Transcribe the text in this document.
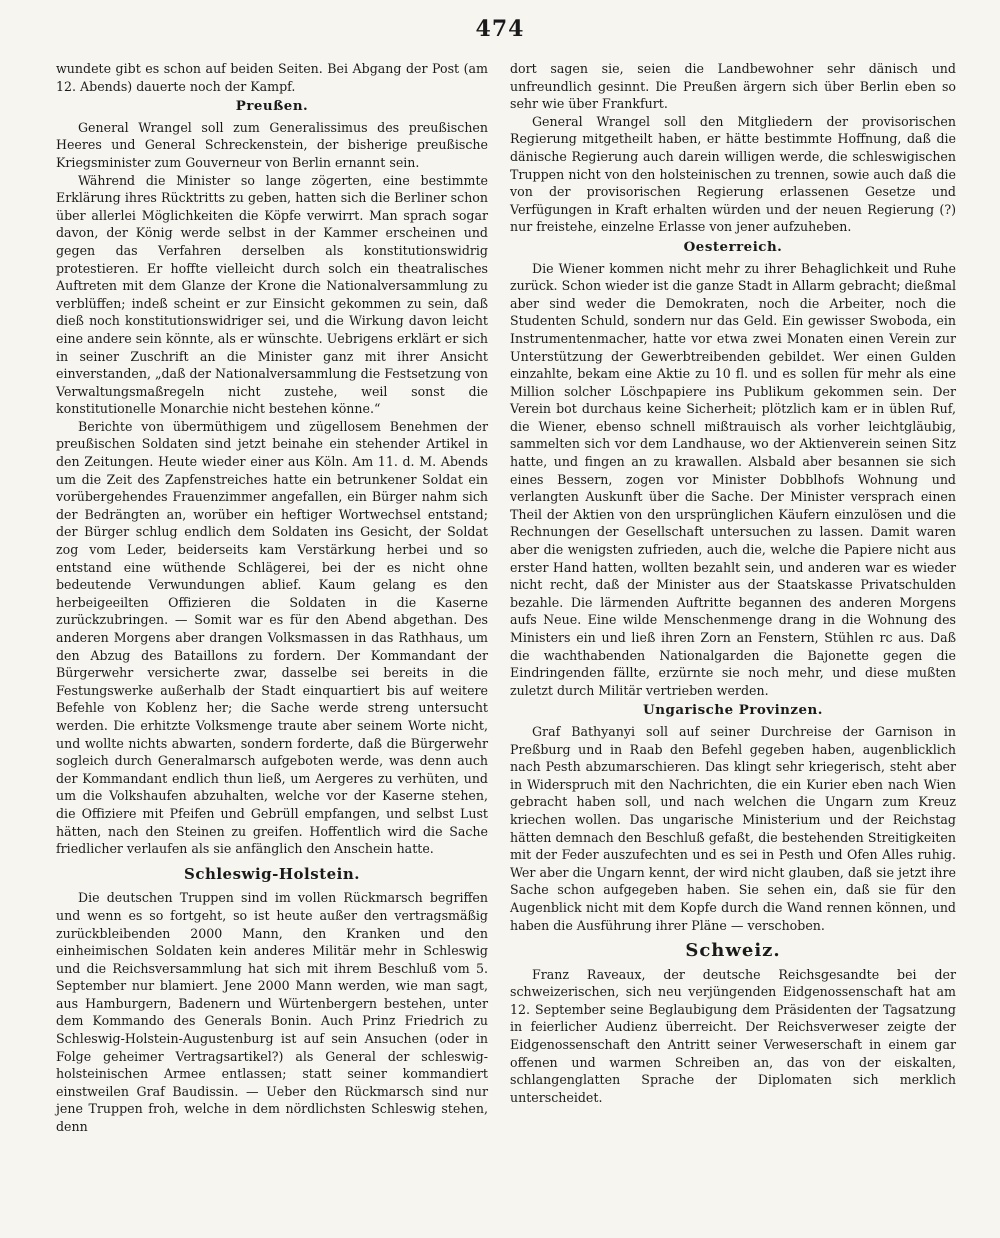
474

wundete gibt es schon auf beiden Seiten. Bei Abgang der Post (am 12. Abends) dauerte noch der Kampf.

Preußen.

General Wrangel soll zum Generalissimus des preußischen Heeres und General Schreckenstein, der bisherige preußische Kriegsminister zum Gouverneur von Berlin ernannt sein.

Während die Minister so lange zögerten, eine bestimmte Erklärung ihres Rücktritts zu geben, hatten sich die Berliner schon über allerlei Möglichkeiten die Köpfe verwirrt. Man sprach sogar davon, der König werde selbst in der Kammer erscheinen und gegen das Verfahren derselben als konstitutionswidrig protestieren. Er hoffte vielleicht durch solch ein theatralisches Auftreten mit dem Glanze der Krone die Nationalversammlung zu verblüffen; indeß scheint er zur Einsicht gekommen zu sein, daß dieß noch konstitutionswidriger sei, und die Wirkung davon leicht eine andere sein könnte, als er wünschte. Uebrigens erklärt er sich in seiner Zuschrift an die Minister ganz mit ihrer Ansicht einverstanden, „daß der Nationalversammlung die Festsetzung von Verwaltungsmaßregeln nicht zustehe, weil sonst die konstitutionelle Monarchie nicht bestehen könne.“

Berichte von übermüthigem und zügellosem Benehmen der preußischen Soldaten sind jetzt beinahe ein stehender Artikel in den Zeitungen. Heute wieder einer aus Köln. Am 11. d. M. Abends um die Zeit des Zapfenstreiches hatte ein betrunkener Soldat ein vorübergehendes Frauenzimmer angefallen, ein Bürger nahm sich der Bedrängten an, worüber ein heftiger Wortwechsel entstand; der Bürger schlug endlich dem Soldaten ins Gesicht, der Soldat zog vom Leder, beiderseits kam Verstärkung herbei und so entstand eine wüthende Schlägerei, bei der es nicht ohne bedeutende Verwundungen ablief. Kaum gelang es den herbeigeeilten Offizieren die Soldaten in die Kaserne zurückzubringen. — Somit war es für den Abend abgethan. Des anderen Morgens aber drangen Volksmassen in das Rathhaus, um den Abzug des Bataillons zu fordern. Der Kommandant der Bürgerwehr versicherte zwar, dasselbe sei bereits in die Festungswerke außerhalb der Stadt einquartiert bis auf weitere Befehle von Koblenz her; die Sache werde streng untersucht werden. Die erhitzte Volksmenge traute aber seinem Worte nicht, und wollte nichts abwarten, sondern forderte, daß die Bürgerwehr sogleich durch Generalmarsch aufgeboten werde, was denn auch der Kommandant endlich thun ließ, um Aergeres zu verhüten, und um die Volkshaufen abzuhalten, welche vor der Kaserne stehen, die Offiziere mit Pfeifen und Gebrüll empfangen, und selbst Lust hätten, nach den Steinen zu greifen. Hoffentlich wird die Sache friedlicher verlaufen als sie anfänglich den Anschein hatte.

Schleswig-Holstein.

Die deutschen Truppen sind im vollen Rückmarsch begriffen und wenn es so fortgeht, so ist heute außer den vertragsmäßig zurückbleibenden 2000 Mann, den Kranken und den einheimischen Soldaten kein anderes Militär mehr in Schleswig und die Reichsversammlung hat sich mit ihrem Beschluß vom 5. September nur blamiert. Jene 2000 Mann werden, wie man sagt, aus Hamburgern, Badenern und Würtenbergern bestehen, unter dem Kommando des Generals Bonin. Auch Prinz Friedrich zu Schleswig-Holstein-Augustenburg ist auf sein Ansuchen (oder in Folge geheimer Vertragsartikel?) als General der schleswig-holsteinischen Armee entlassen; statt seiner kommandiert einstweilen Graf Baudissin. — Ueber den Rückmarsch sind nur jene Truppen froh, welche in dem nördlichsten Schleswig stehen, denn

dort sagen sie, seien die Landbewohner sehr dänisch und unfreundlich gesinnt. Die Preußen ärgern sich über Berlin eben so sehr wie über Frankfurt.

General Wrangel soll den Mitgliedern der provisorischen Regierung mitgetheilt haben, er hätte bestimmte Hoffnung, daß die dänische Regierung auch darein willigen werde, die schleswigischen Truppen nicht von den holsteinischen zu trennen, sowie auch daß die von der provisorischen Regierung erlassenen Gesetze und Verfügungen in Kraft erhalten würden und der neuen Regierung (?) nur freistehe, einzelne Erlasse von jener aufzuheben.

Oesterreich.

Die Wiener kommen nicht mehr zu ihrer Behaglichkeit und Ruhe zurück. Schon wieder ist die ganze Stadt in Allarm gebracht; dießmal aber sind weder die Demokraten, noch die Arbeiter, noch die Studenten Schuld, sondern nur das Geld. Ein gewisser Swoboda, ein Instrumentenmacher, hatte vor etwa zwei Monaten einen Verein zur Unterstützung der Gewerbtreibenden gebildet. Wer einen Gulden einzahlte, bekam eine Aktie zu 10 fl. und es sollen für mehr als eine Million solcher Löschpapiere ins Publikum gekommen sein. Der Verein bot durchaus keine Sicherheit; plötzlich kam er in üblen Ruf, die Wiener, ebenso schnell mißtrauisch als vorher leichtgläubig, sammelten sich vor dem Landhause, wo der Aktienverein seinen Sitz hatte, und fingen an zu krawallen. Alsbald aber besannen sie sich eines Bessern, zogen vor Minister Dobblhofs Wohnung und verlangten Auskunft über die Sache. Der Minister versprach einen Theil der Aktien von den ursprünglichen Käufern einzulösen und die Rechnungen der Gesellschaft untersuchen zu lassen. Damit waren aber die wenigsten zufrieden, auch die, welche die Papiere nicht aus erster Hand hatten, wollten bezahlt sein, und anderen war es wieder nicht recht, daß der Minister aus der Staatskasse Privatschulden bezahle. Die lärmenden Auftritte begannen des anderen Morgens aufs Neue. Eine wilde Menschenmenge drang in die Wohnung des Ministers ein und ließ ihren Zorn an Fenstern, Stühlen rc aus. Daß die wachthabenden Nationalgarden die Bajonette gegen die Eindringenden fällte, erzürnte sie noch mehr, und diese mußten zuletzt durch Militär vertrieben werden.

Ungarische Provinzen.

Graf Bathyanyi soll auf seiner Durchreise der Garnison in Preßburg und in Raab den Befehl gegeben haben, augenblicklich nach Pesth abzumarschieren. Das klingt sehr kriegerisch, steht aber in Widerspruch mit den Nachrichten, die ein Kurier eben nach Wien gebracht haben soll, und nach welchen die Ungarn zum Kreuz kriechen wollen. Das ungarische Ministerium und der Reichstag hätten demnach den Beschluß gefaßt, die bestehenden Streitigkeiten mit der Feder auszufechten und es sei in Pesth und Ofen Alles ruhig. Wer aber die Ungarn kennt, der wird nicht glauben, daß sie jetzt ihre Sache schon aufgegeben haben. Sie sehen ein, daß sie für den Augenblick nicht mit dem Kopfe durch die Wand rennen können, und haben die Ausführung ihrer Pläne — verschoben.

Schweiz.

Franz Raveaux, der deutsche Reichsgesandte bei der schweizerischen, sich neu verjüngenden Eidgenossenschaft hat am 12. September seine Beglaubigung dem Präsidenten der Tagsatzung in feierlicher Audienz überreicht. Der Reichsverweser zeigte der Eidgenossenschaft den Antritt seiner Verweserschaft in einem gar offenen und warmen Schreiben an, das von der eiskalten, schlangenglatten Sprache der Diplomaten sich merklich unterscheidet.
